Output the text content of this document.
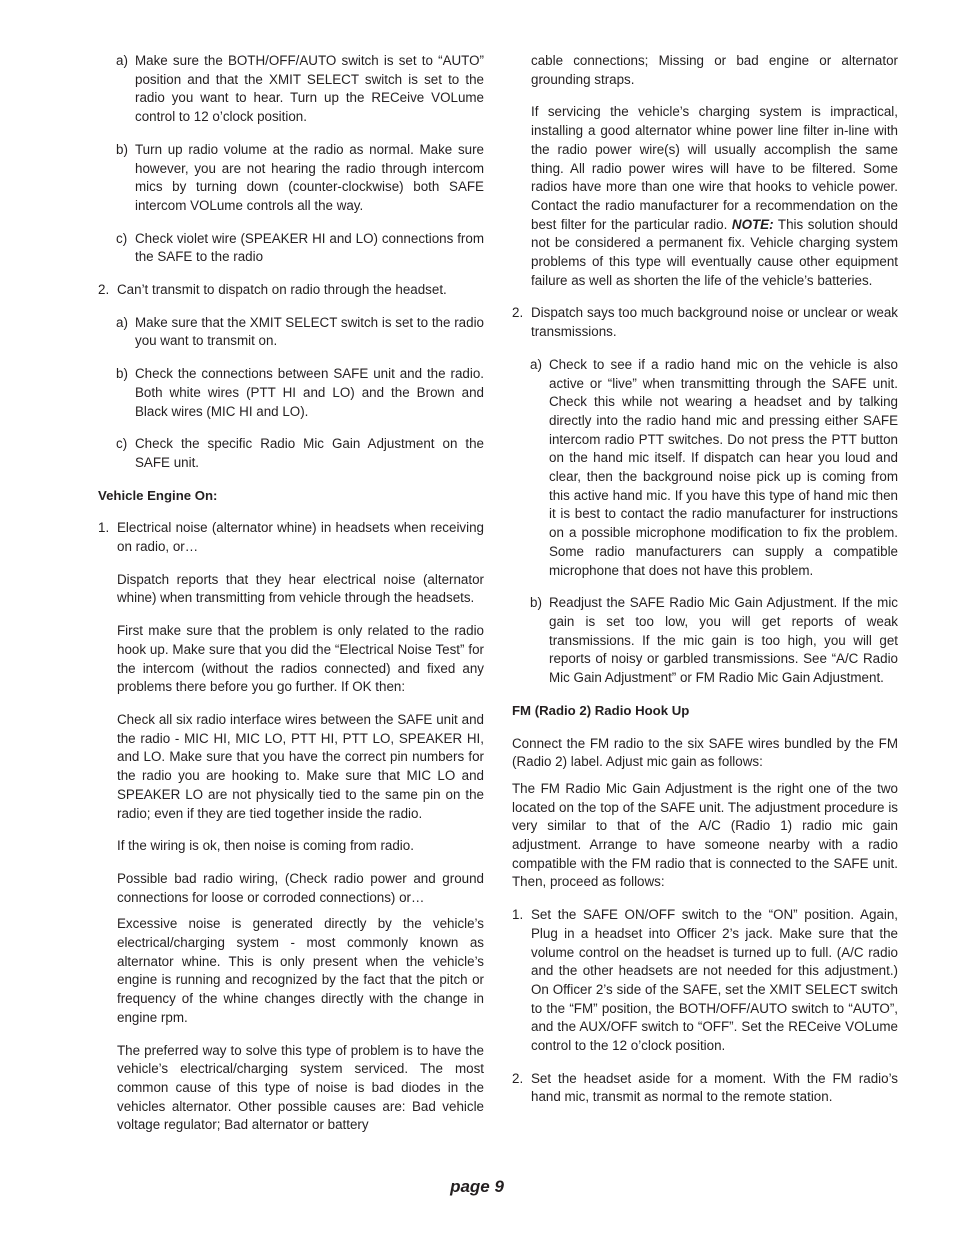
a) Make sure the BOTH/OFF/AUTO switch is set to “AUTO” position and that the XMIT SELECT switch is set to the radio you want to hear. Turn up the RECeive VOLume control to 12 o’clock position.
b) Turn up radio volume at the radio as normal. Make sure however, you are not hearing the radio through intercom mics by turning down (counter-clockwise) both SAFE intercom VOLume controls all the way.
c) Check violet wire (SPEAKER HI and LO) connections from the SAFE to the radio
2. Can’t transmit to dispatch on radio through the headset.
a) Make sure that the XMIT SELECT switch is set to the radio you want to transmit on.
b) Check the connections between SAFE unit and the radio. Both white wires (PTT HI and LO) and the Brown and Black wires (MIC HI and LO).
c) Check the specific Radio Mic Gain Adjustment on the SAFE unit.

Vehicle Engine On:

1. Electrical noise (alternator whine) in headsets when receiving on radio, or…

Dispatch reports that they hear electrical noise (alternator whine) when transmitting from vehicle through the headsets.

First make sure that the problem is only related to the radio hook up. Make sure that you did the “Electrical Noise Test” for the intercom (without the radios connected) and fixed any problems there before you go further. If OK then:

Check all six radio interface wires between the SAFE unit and the radio - MIC HI, MIC LO, PTT HI, PTT LO, SPEAKER HI, and LO. Make sure that you have the correct pin numbers for the radio you are hooking to. Make sure that MIC LO and SPEAKER LO are not physically tied to the same pin on the radio; even if they are tied together inside the radio.

If the wiring is ok, then noise is coming from radio.

Possible bad radio wiring, (Check radio power and ground connections for loose or corroded connections) or…

Excessive noise is generated directly by the vehicle’s electrical/charging system - most commonly known as alternator whine. This is only present when the vehicle’s engine is running and recognized by the fact that the pitch or frequency of the whine changes directly with the change in engine rpm.

The preferred way to solve this type of problem is to have the vehicle’s electrical/charging system serviced. The most common cause of this type of noise is bad diodes in the vehicles alternator. Other possible causes are: Bad vehicle voltage regulator; Bad alternator or battery

cable connections; Missing or bad engine or alternator grounding straps.

If servicing the vehicle’s charging system is impractical, installing a good alternator whine power line filter in-line with the radio power wire(s) will usually accomplish the same thing. All radio power wires will have to be filtered. Some radios have more than one wire that hooks to vehicle power. Contact the radio manufacturer for a recommendation on the best filter for the particular radio. NOTE: This solution should not be considered a permanent fix. Vehicle charging system problems of this type will eventually cause other equipment failure as well as shorten the life of the vehicle’s batteries.

2. Dispatch says too much background noise or unclear or weak transmissions.
a) Check to see if a radio hand mic on the vehicle is also active or “live” when transmitting through the SAFE unit. Check this while not wearing a headset and by talking directly into the radio hand mic and pressing either SAFE intercom radio PTT switches. Do not press the PTT button on the hand mic itself. If dispatch can hear you loud and clear, then the background noise pick up is coming from this active hand mic. If you have this type of hand mic then it is best to contact the radio manufacturer for instructions on a possible microphone modification to fix the problem. Some radio manufacturers can supply a compatible microphone that does not have this problem.
b) Readjust the SAFE Radio Mic Gain Adjustment. If the mic gain is set too low, you will get reports of weak transmissions. If the mic gain is too high, you will get reports of noisy or garbled transmissions. See “A/C Radio Mic Gain Adjustment” or FM Radio Mic Gain Adjustment.

FM (Radio 2) Radio Hook Up

Connect the FM radio to the six SAFE wires bundled by the FM (Radio 2) label. Adjust mic gain as follows:

The FM Radio Mic Gain Adjustment is the right one of the two located on the top of the SAFE unit. The adjustment procedure is very similar to that of the A/C (Radio 1) radio mic gain adjustment. Arrange to have someone nearby with a radio compatible with the FM radio that is connected to the SAFE unit. Then, proceed as follows:

1. Set the SAFE ON/OFF switch to the “ON” position. Again, Plug in a headset into Officer 2’s jack. Make sure that the volume control on the headset is turned up to full. (A/C radio and the other headsets are not needed for this adjustment.) On Officer 2’s side of the SAFE, set the XMIT SELECT switch to the “FM” position, the BOTH/OFF/AUTO switch to “AUTO”, and the AUX/OFF switch to “OFF”. Set the RECeive VOLume control to the 12 o’clock position.
2. Set the headset aside for a moment. With the FM radio’s hand mic, transmit as normal to the remote station.
page 9
